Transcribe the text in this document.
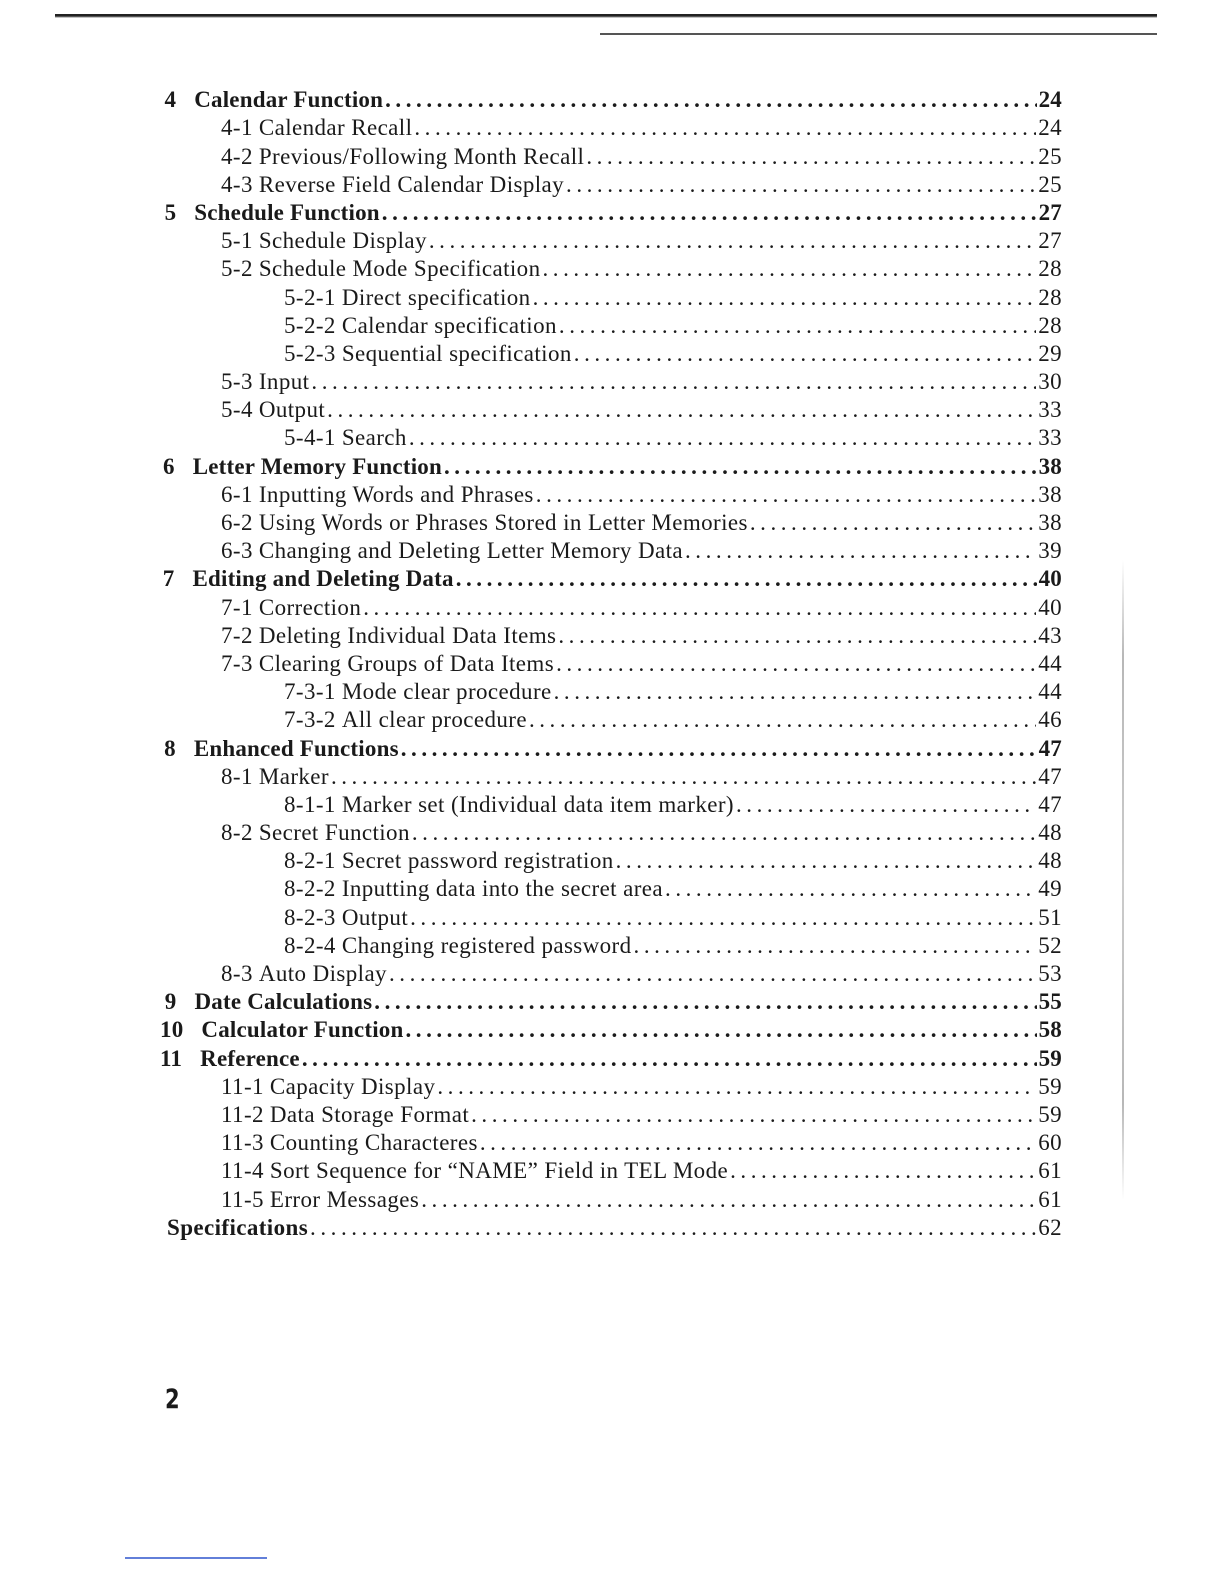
4 Calendar Function . . .	24
4-1 Calendar Recall . . .	24
4-2 Previous/Following Month Recall . . .	25
4-3 Reverse Field Calendar Display . . .	25
5 Schedule Function . . .	27
5-1 Schedule Display . . .	27
5-2 Schedule Mode Specification . . .	28
5-2-1 Direct specification . . .	28
5-2-2 Calendar specification . . .	28
5-2-3 Sequential specification . . .	29
5-3 Input . . .	30
5-4 Output . . .	33
5-4-1 Search . . .	33
6 Letter Memory Function . . .	38
6-1 Inputting Words and Phrases . . .	38
6-2 Using Words or Phrases Stored in Letter Memories . . .	38
6-3 Changing and Deleting Letter Memory Data . . .	39
7 Editing and Deleting Data . . .	40
7-1 Correction . . .	40
7-2 Deleting Individual Data Items . . .	43
7-3 Clearing Groups of Data Items . . .	44
7-3-1 Mode clear procedure . . .	44
7-3-2 All clear procedure . . .	46
8 Enhanced Functions . . .	47
8-1 Marker . . .	47
8-1-1 Marker set (Individual data item marker) . . .	47
8-2 Secret Function . . .	48
8-2-1 Secret password registration . . .	48
8-2-2 Inputting data into the secret area . . .	49
8-2-3 Output . . .	51
8-2-4 Changing registered password . . .	52
8-3 Auto Display . . .	53
9 Date Calculations . . .	55
10 Calculator Function . . .	58
11 Reference . . .	59
11-1 Capacity Display . . .	59
11-2 Data Storage Format . . .	59
11-3 Counting Characteres . . .	60
11-4 Sort Sequence for “NAME” Field in TEL Mode . . .	61
11-5 Error Messages . . .	61
Specifications . . .	62
2
